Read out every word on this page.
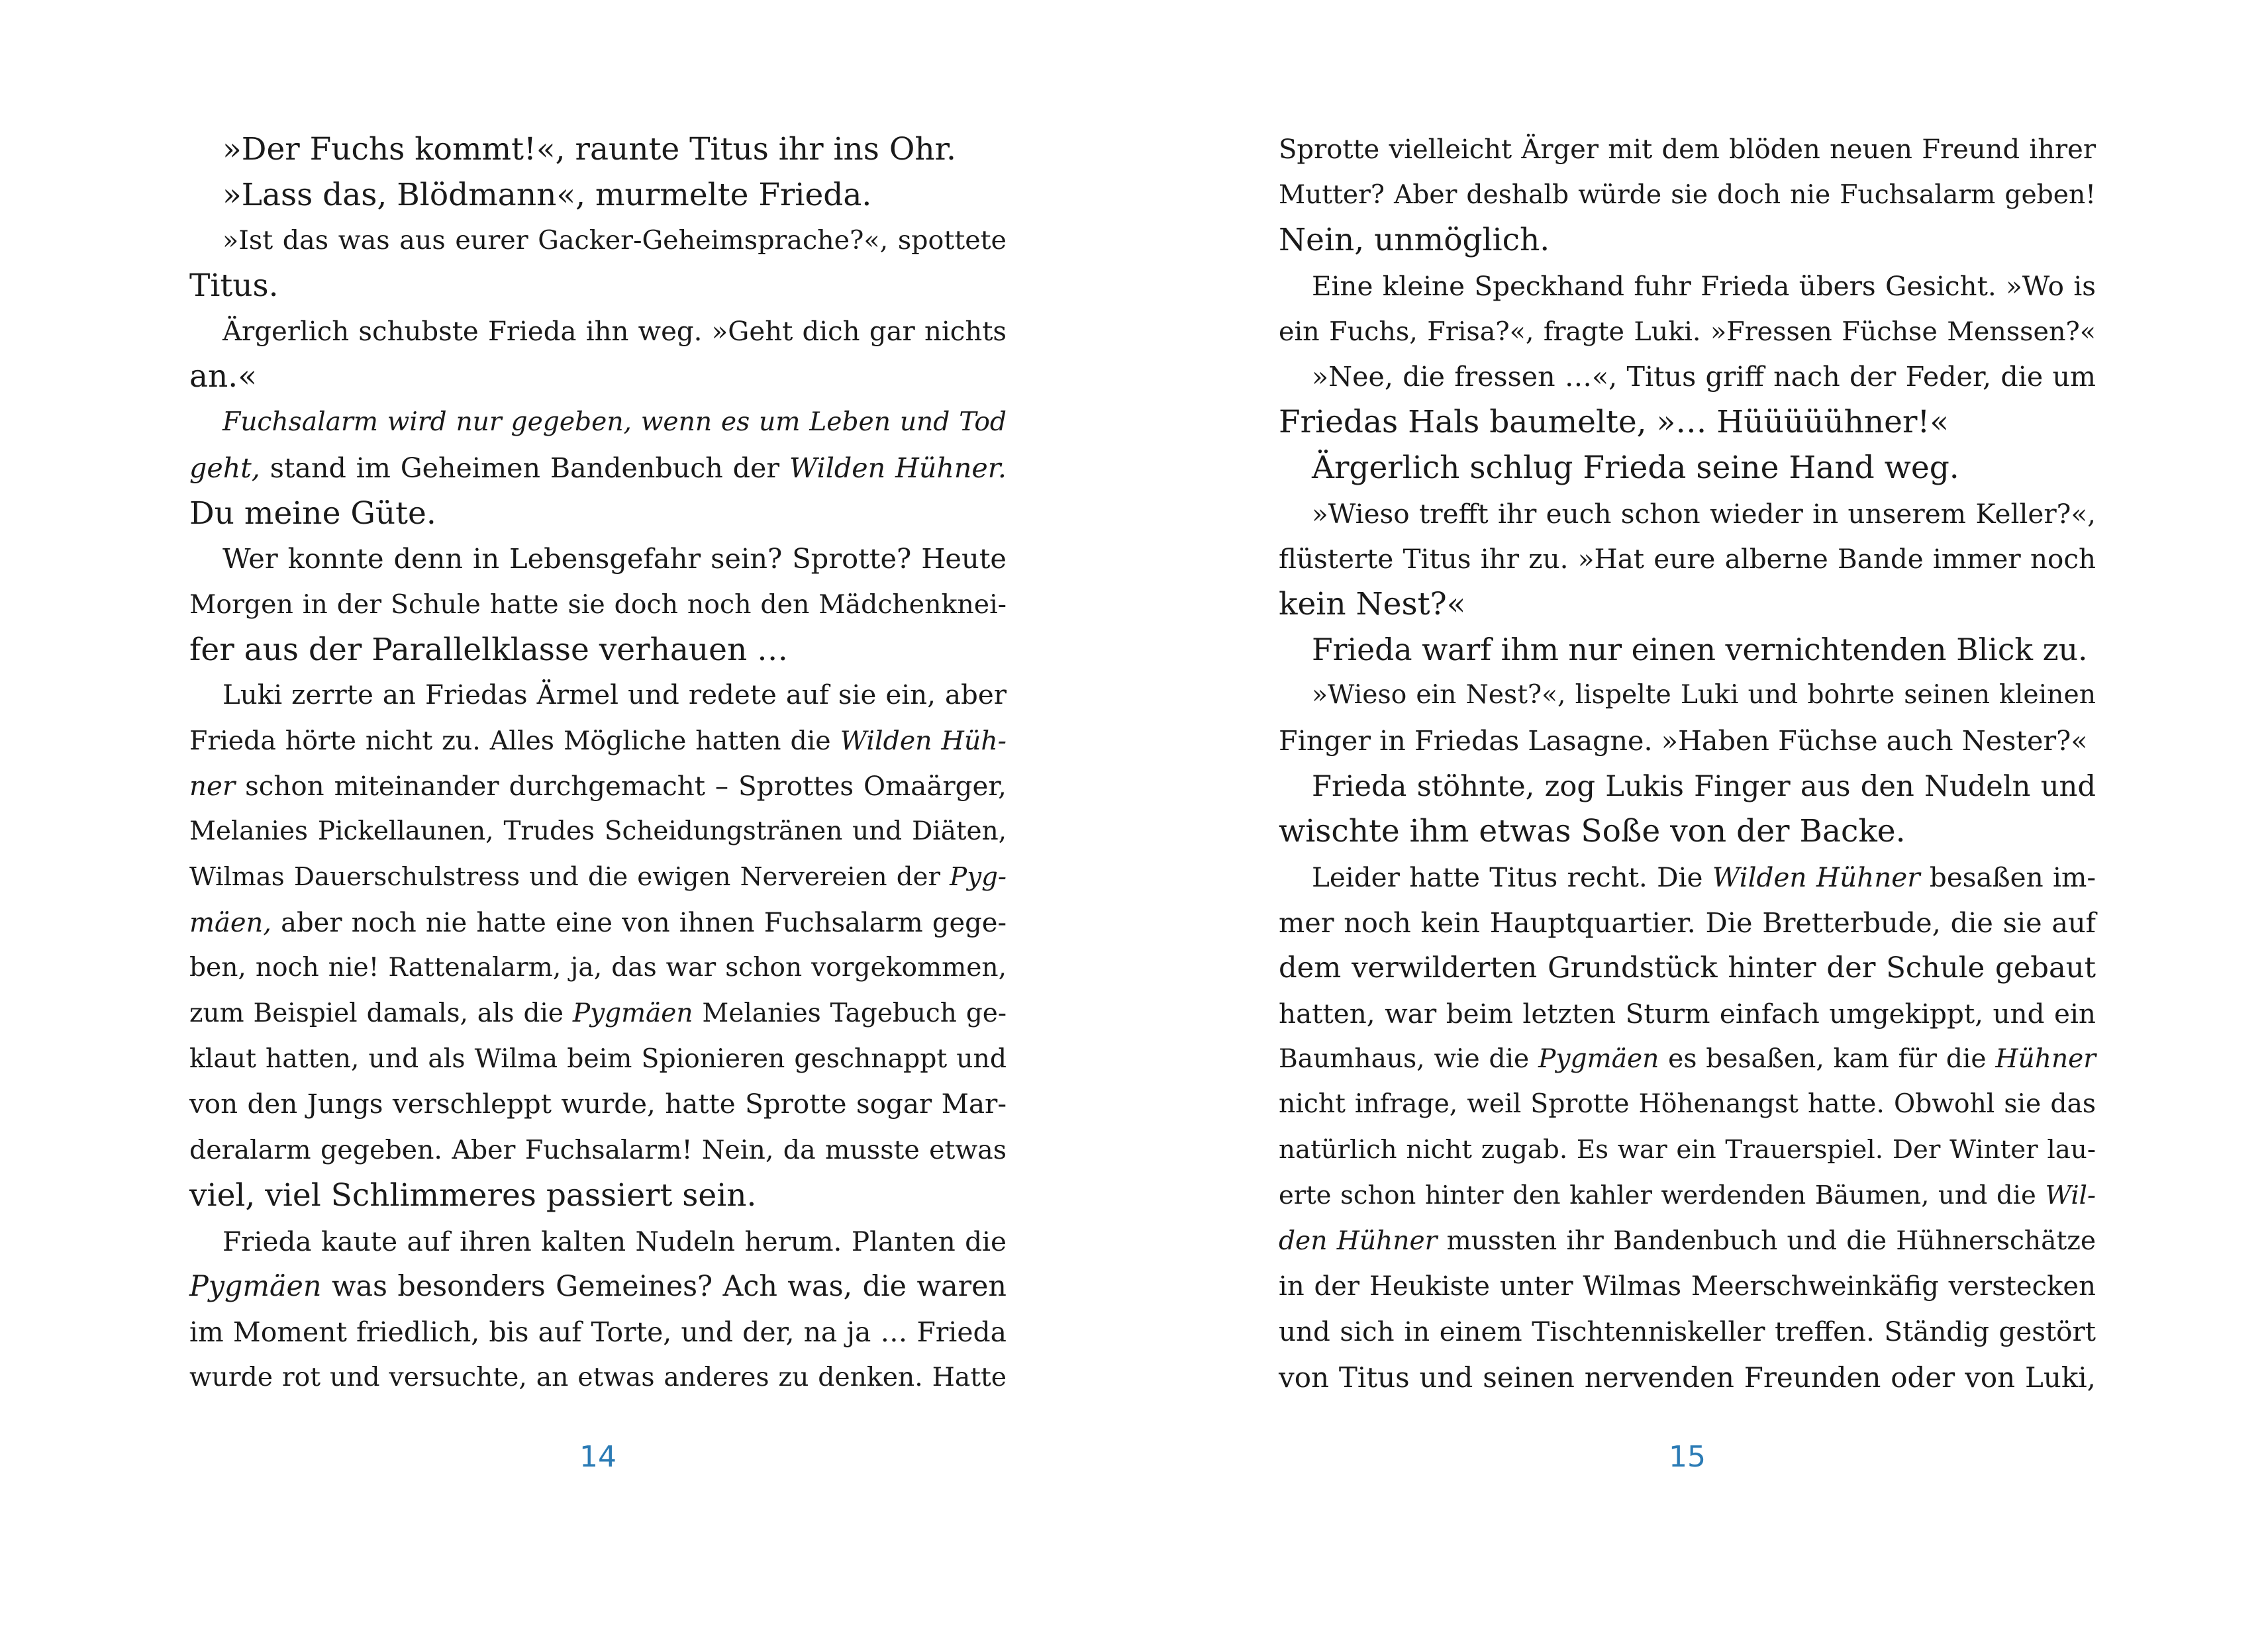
»Der Fuchs kommt!«, raunte Titus ihr ins Ohr.
»Lass das, Blödmann«, murmelte Frieda.
»Ist das was aus eurer Gacker-Geheimsprache?«, spottete
Titus.
Ärgerlich schubste Frieda ihn weg. »Geht dich gar nichts
an.«
Fuchsalarm wird nur gegeben, wenn es um Leben und Tod
geht, stand im Geheimen Bandenbuch der Wilden Hühner.
Du meine Güte.
Wer konnte denn in Lebensgefahr sein? Sprotte? Heute
Morgen in der Schule hatte sie doch noch den Mädchenknei-
fer aus der Parallelklasse verhauen …
Luki zerrte an Friedas Ärmel und redete auf sie ein, aber
Frieda hörte nicht zu. Alles Mögliche hatten die Wilden Hüh-
ner schon miteinander durchgemacht – Sprottes Omaärger,
Melanies Pickellaunen, Trudes Scheidungstränen und Diäten,
Wilmas Dauerschulstress und die ewigen Nervereien der Pyg-
mäen, aber noch nie hatte eine von ihnen Fuchsalarm gege-
ben, noch nie! Rattenalarm, ja, das war schon vorgekommen,
zum Beispiel damals, als die Pygmäen Melanies Tagebuch ge-
klaut hatten, und als Wilma beim Spionieren geschnappt und
von den Jungs verschleppt wurde, hatte Sprotte sogar Mar-
deralarm gegeben. Aber Fuchsalarm! Nein, da musste etwas
viel, viel Schlimmeres passiert sein.
Frieda kaute auf ihren kalten Nudeln herum. Planten die
Pygmäen was besonders Gemeines? Ach was, die waren
im Moment friedlich, bis auf Torte, und der, na ja … Frieda
wurde rot und versuchte, an etwas anderes zu denken. Hatte
14
Sprotte vielleicht Ärger mit dem blöden neuen Freund ihrer
Mutter? Aber deshalb würde sie doch nie Fuchsalarm geben!
Nein, unmöglich.
Eine kleine Speckhand fuhr Frieda übers Gesicht. »Wo is
ein Fuchs, Frisa?«, fragte Luki. »Fressen Füchse Menssen?«
»Nee, die fressen …«, Titus griff nach der Feder, die um
Friedas Hals baumelte, »… Hüüüüühner!«
Ärgerlich schlug Frieda seine Hand weg.
»Wieso trefft ihr euch schon wieder in unserem Keller?«,
flüsterte Titus ihr zu. »Hat eure alberne Bande immer noch
kein Nest?«
Frieda warf ihm nur einen vernichtenden Blick zu.
»Wieso ein Nest?«, lispelte Luki und bohrte seinen kleinen
Finger in Friedas Lasagne. »Haben Füchse auch Nester?«
Frieda stöhnte, zog Lukis Finger aus den Nudeln und
wischte ihm etwas Soße von der Backe.
Leider hatte Titus recht. Die Wilden Hühner besaßen im-
mer noch kein Hauptquartier. Die Bretterbude, die sie auf
dem verwilderten Grundstück hinter der Schule gebaut
hatten, war beim letzten Sturm einfach umgekippt, und ein
Baumhaus, wie die Pygmäen es besaßen, kam für die Hühner
nicht infrage, weil Sprotte Höhenangst hatte. Obwohl sie das
natürlich nicht zugab. Es war ein Trauerspiel. Der Winter lau-
erte schon hinter den kahler werdenden Bäumen, und die Wil-
den Hühner mussten ihr Bandenbuch und die Hühnerschätze
in der Heukiste unter Wilmas Meerschweinkäfig verstecken
und sich in einem Tischtenniskeller treffen. Ständig gestört
von Titus und seinen nervenden Freunden oder von Luki,
15
